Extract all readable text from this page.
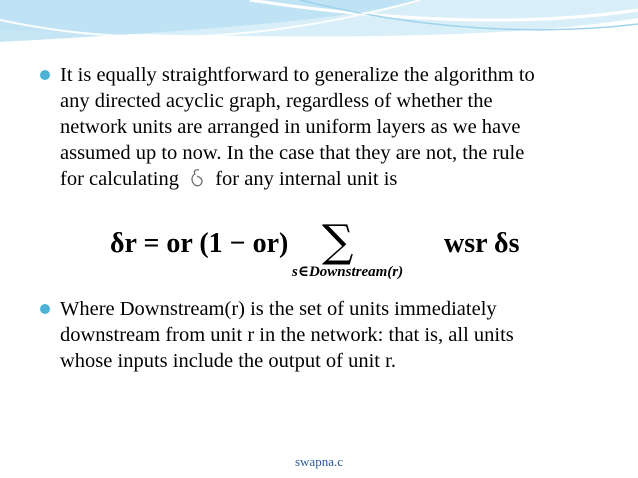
It is equally straightforward to generalize the algorithm to
any directed acyclic graph, regardless of whether the
network units are arranged in uniform layers as we have
assumed up to now. In the case that they are not, the rule
for calculating for any internal unit is
δr = or (1 − or) ∑	wsr δs
s∈Downstream(r)
Where Downstream(r) is the set of units immediately
downstream from unit r in the network: that is, all units
whose inputs include the output of unit r.
swapna.c
